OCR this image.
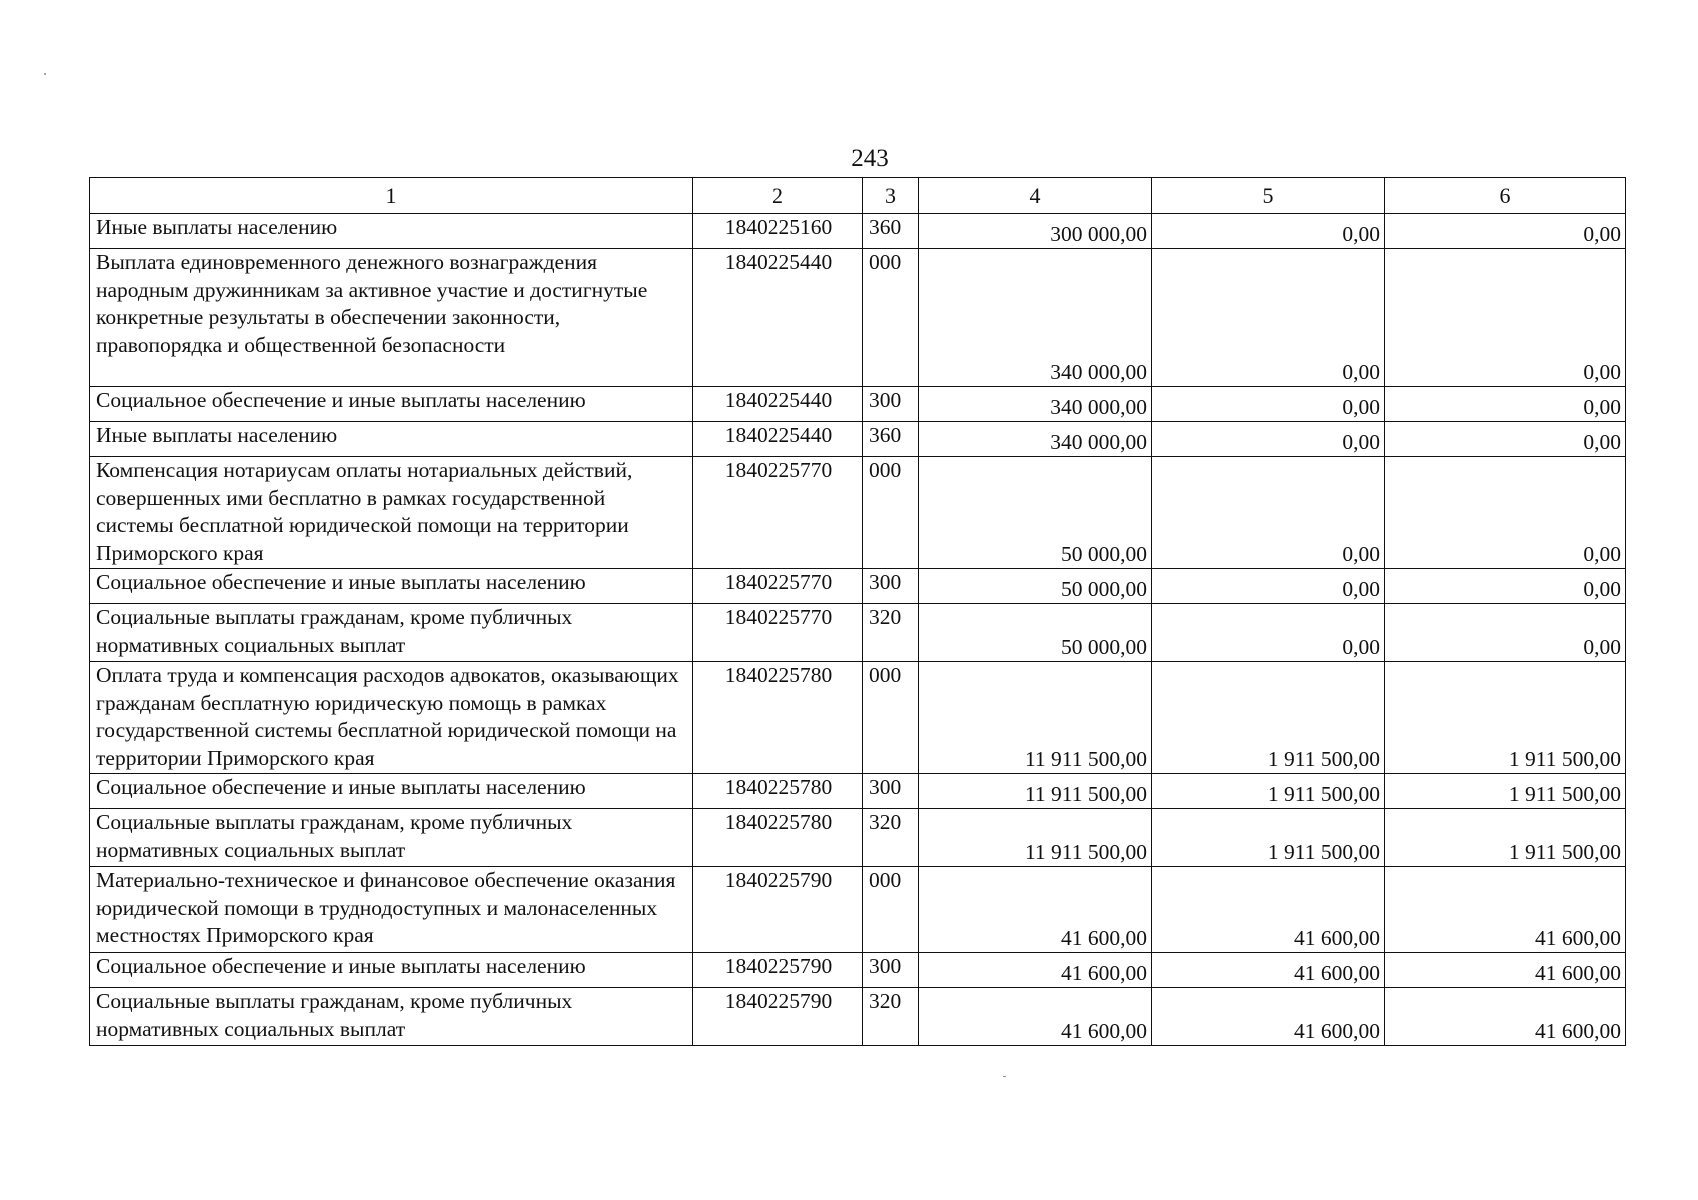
243
1	2	3	4	5	6
Иные выплаты населению	1840225160	360	300 000,00	0,00	0,00
Выплата единовременного денежного вознаграждения народным дружинникам за активное участие и достигнутые конкретные результаты в обеспечении законности, правопорядка и общественной безопасности	1840225440	000	340 000,00	0,00	0,00
Социальное обеспечение и иные выплаты населению	1840225440	300	340 000,00	0,00	0,00
Иные выплаты населению	1840225440	360	340 000,00	0,00	0,00
Компенсация нотариусам оплаты нотариальных действий, совершенных ими бесплатно в рамках государственной системы бесплатной юридической помощи на территории Приморского края	1840225770	000	50 000,00	0,00	0,00
Социальное обеспечение и иные выплаты населению	1840225770	300	50 000,00	0,00	0,00
Социальные выплаты гражданам, кроме публичных нормативных социальных выплат	1840225770	320	50 000,00	0,00	0,00
Оплата труда и компенсация расходов адвокатов, оказывающих гражданам бесплатную юридическую помощь в рамках государственной системы бесплатной юридической помощи на территории Приморского края	1840225780	000	11 911 500,00	1 911 500,00	1 911 500,00
Социальное обеспечение и иные выплаты населению	1840225780	300	11 911 500,00	1 911 500,00	1 911 500,00
Социальные выплаты гражданам, кроме публичных нормативных социальных выплат	1840225780	320	11 911 500,00	1 911 500,00	1 911 500,00
Материально-техническое и финансовое обеспечение оказания юридической помощи в труднодоступных и малонаселенных местностях Приморского края	1840225790	000	41 600,00	41 600,00	41 600,00
Социальное обеспечение и иные выплаты населению	1840225790	300	41 600,00	41 600,00	41 600,00
Социальные выплаты гражданам, кроме публичных нормативных социальных выплат	1840225790	320	41 600,00	41 600,00	41 600,00
